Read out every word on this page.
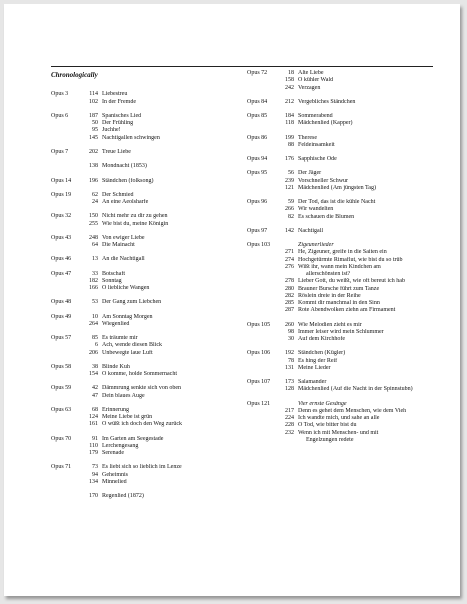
Chronologically
Opus 3	114 Liebestreu
102 In der Fremde
Opus 6	187 Spanisches Lied
50 Der Frühling
95 Juchhe!
145 Nachtigallen schwingen
Opus 7	202 Treue Liebe
138 Mondnacht (1853)
Opus 14	196 Ständchen (folksong)
Opus 19	62 Der Schmied
24 An eine Aeolsharfe
Opus 32	150 Nicht mehr zu dir zu gehen
255 Wie bist du, meine Königin
Opus 43	248 Von ewiger Liebe
64 Die Mainacht
Opus 46	13 An die Nachtigall
Opus 47	33 Botschaft
182 Sonntag
166 O liebliche Wangen
Opus 48	53 Der Gang zum Liebchen
Opus 49	10 Am Sonntag Morgen
264 Wiegenlied
Opus 57	85 Es träumte mir
6 Ach, wende diesen Blick
206 Unbewegte laue Luft
Opus 58	38 Blinde Kuh
154 O komme, holde Sommernacht
Opus 59	42 Dämmrung senkte sich von oben
47 Dein blaues Auge
Opus 63	68 Erinnerung
124 Meine Liebe ist grün
161 O wüßt ich doch den Weg zurück
Opus 70	91 Im Garten am Seegestade
110 Lerchengesang
179 Serenade
Opus 71	73 Es liebt sich so lieblich im Lenze
94 Geheimnis
134 Minnelied
170 Regenlied (1872)
Opus 72	18 Alte Liebe
158 O kühler Wald
242 Verzagen
Opus 84	212 Vergebliches Ständchen
Opus 85	184 Sommerabend
118 Mädchenlied (Kapper)
Opus 86	199 Therese
88 Feldeinsamkeit
Opus 94	176 Sapphische Ode
Opus 95	56 Der Jäger
239 Vorschneller Schwur
121 Mädchenlied (Am jüngsten Tag)
Opus 96	59 Der Tod, das ist die kühle Nacht
266 Wir wandelten
82 Es schauen die Blumen
Opus 97	142 Nachtigall
Opus 103	Zigeunerlieder
271 He, Zigeuner, greife in die Saiten ein
274 Hochgetürmte Rimaflut, wie bist du so trüb
276 Wißt ihr, wann mein Kindchen am
allerschönsten ist?
278 Lieber Gott, du weißt, wie oft bereut ich hab
280 Brauner Bursche führt zum Tanze
282 Röslein dreie in der Reihe
285 Kommt dir manchmal in den Sinn
287 Rote Abendwolken ziehn am Firmament
Opus 105	260 Wie Melodien zieht es mir
98 Immer leiser wird mein Schlummer
30 Auf dem Kirchhofe
Opus 106	192 Ständchen (Kügler)
78 Es hing der Reif
131 Meine Lieder
Opus 107	173 Salamander
128 Mädchenlied (Auf die Nacht in der Spinnstubn)
Opus 121	Vier ernste Gesänge
217 Denn es gehet dem Menschen, wie dem Vieh
224 Ich wandte mich, und sahe an alle
228 O Tod, wie bitter bist du
232 Wenn ich mit Menschen- und mit
Engelzungen redete
